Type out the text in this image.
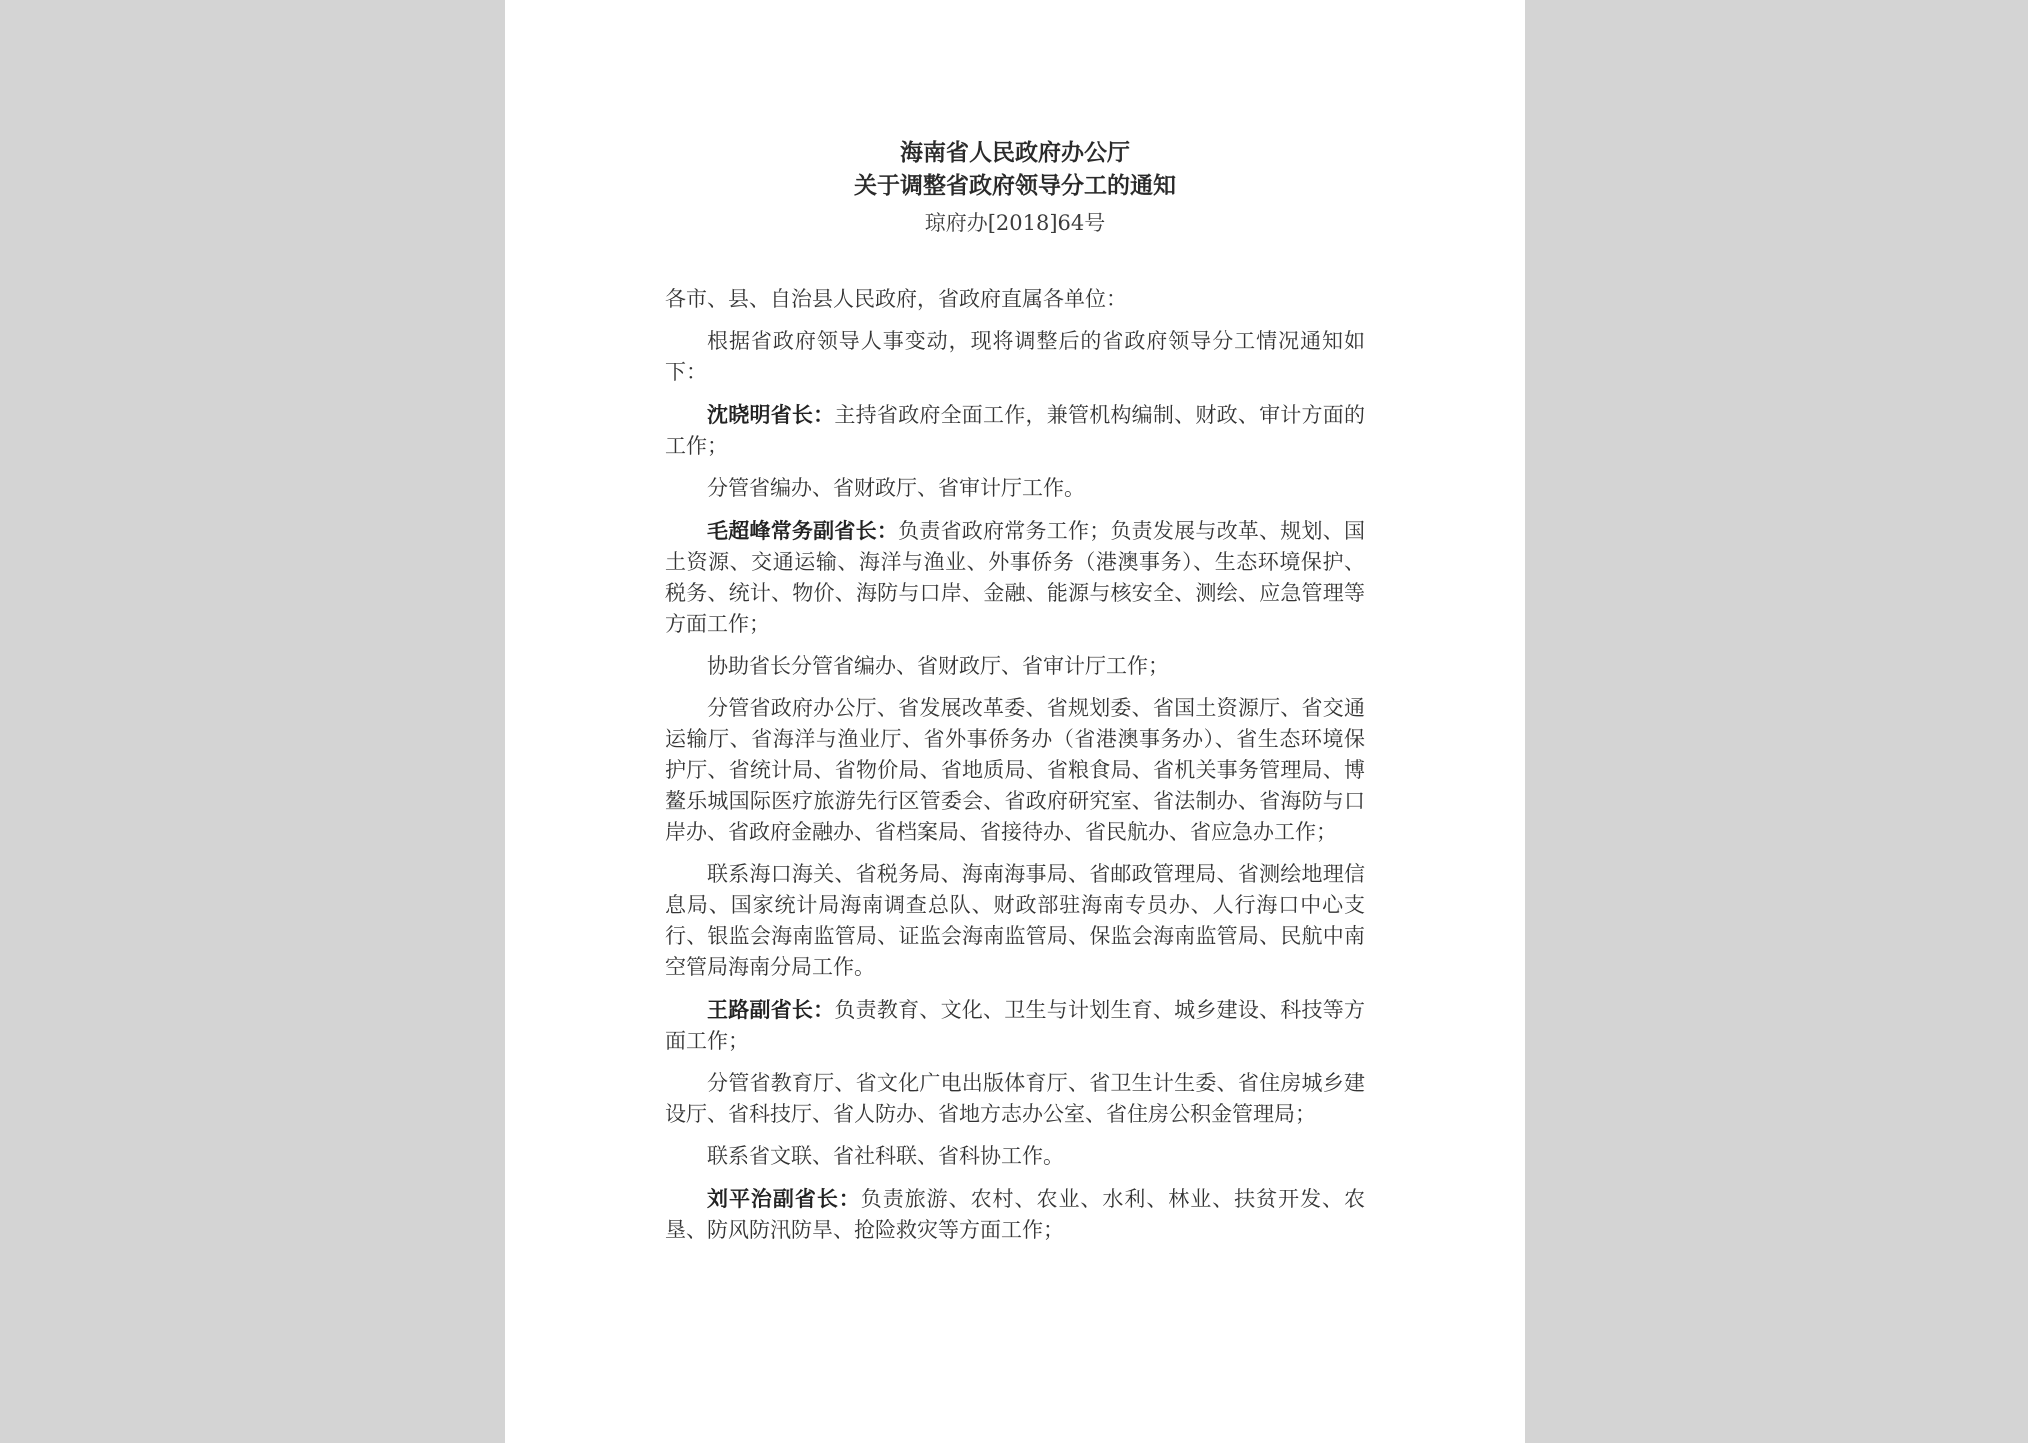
海南省人民政府办公厅
关于调整省政府领导分工的通知
琼府办[2018]64号

各市、县、自治县人民政府，省政府直属各单位：

根据省政府领导人事变动，现将调整后的省政府领导分工情况通知如下：

沈晓明省长：主持省政府全面工作，兼管机构编制、财政、审计方面的工作；

分管省编办、省财政厅、省审计厅工作。

毛超峰常务副省长：负责省政府常务工作；负责发展与改革、规划、国土资源、交通运输、海洋与渔业、外事侨务（港澳事务）、生态环境保护、税务、统计、物价、海防与口岸、金融、能源与核安全、测绘、应急管理等方面工作；

协助省长分管省编办、省财政厅、省审计厅工作；

分管省政府办公厅、省发展改革委、省规划委、省国土资源厅、省交通运输厅、省海洋与渔业厅、省外事侨务办（省港澳事务办）、省生态环境保护厅、省统计局、省物价局、省地质局、省粮食局、省机关事务管理局、博鳌乐城国际医疗旅游先行区管委会、省政府研究室、省法制办、省海防与口岸办、省政府金融办、省档案局、省接待办、省民航办、省应急办工作；

联系海口海关、省税务局、海南海事局、省邮政管理局、省测绘地理信息局、国家统计局海南调查总队、财政部驻海南专员办、人行海口中心支行、银监会海南监管局、证监会海南监管局、保监会海南监管局、民航中南空管局海南分局工作。

王路副省长：负责教育、文化、卫生与计划生育、城乡建设、科技等方面工作；

分管省教育厅、省文化广电出版体育厅、省卫生计生委、省住房城乡建设厅、省科技厅、省人防办、省地方志办公室、省住房公积金管理局；

联系省文联、省社科联、省科协工作。

刘平治副省长：负责旅游、农村、农业、水利、林业、扶贫开发、农垦、防风防汛防旱、抢险救灾等方面工作；
